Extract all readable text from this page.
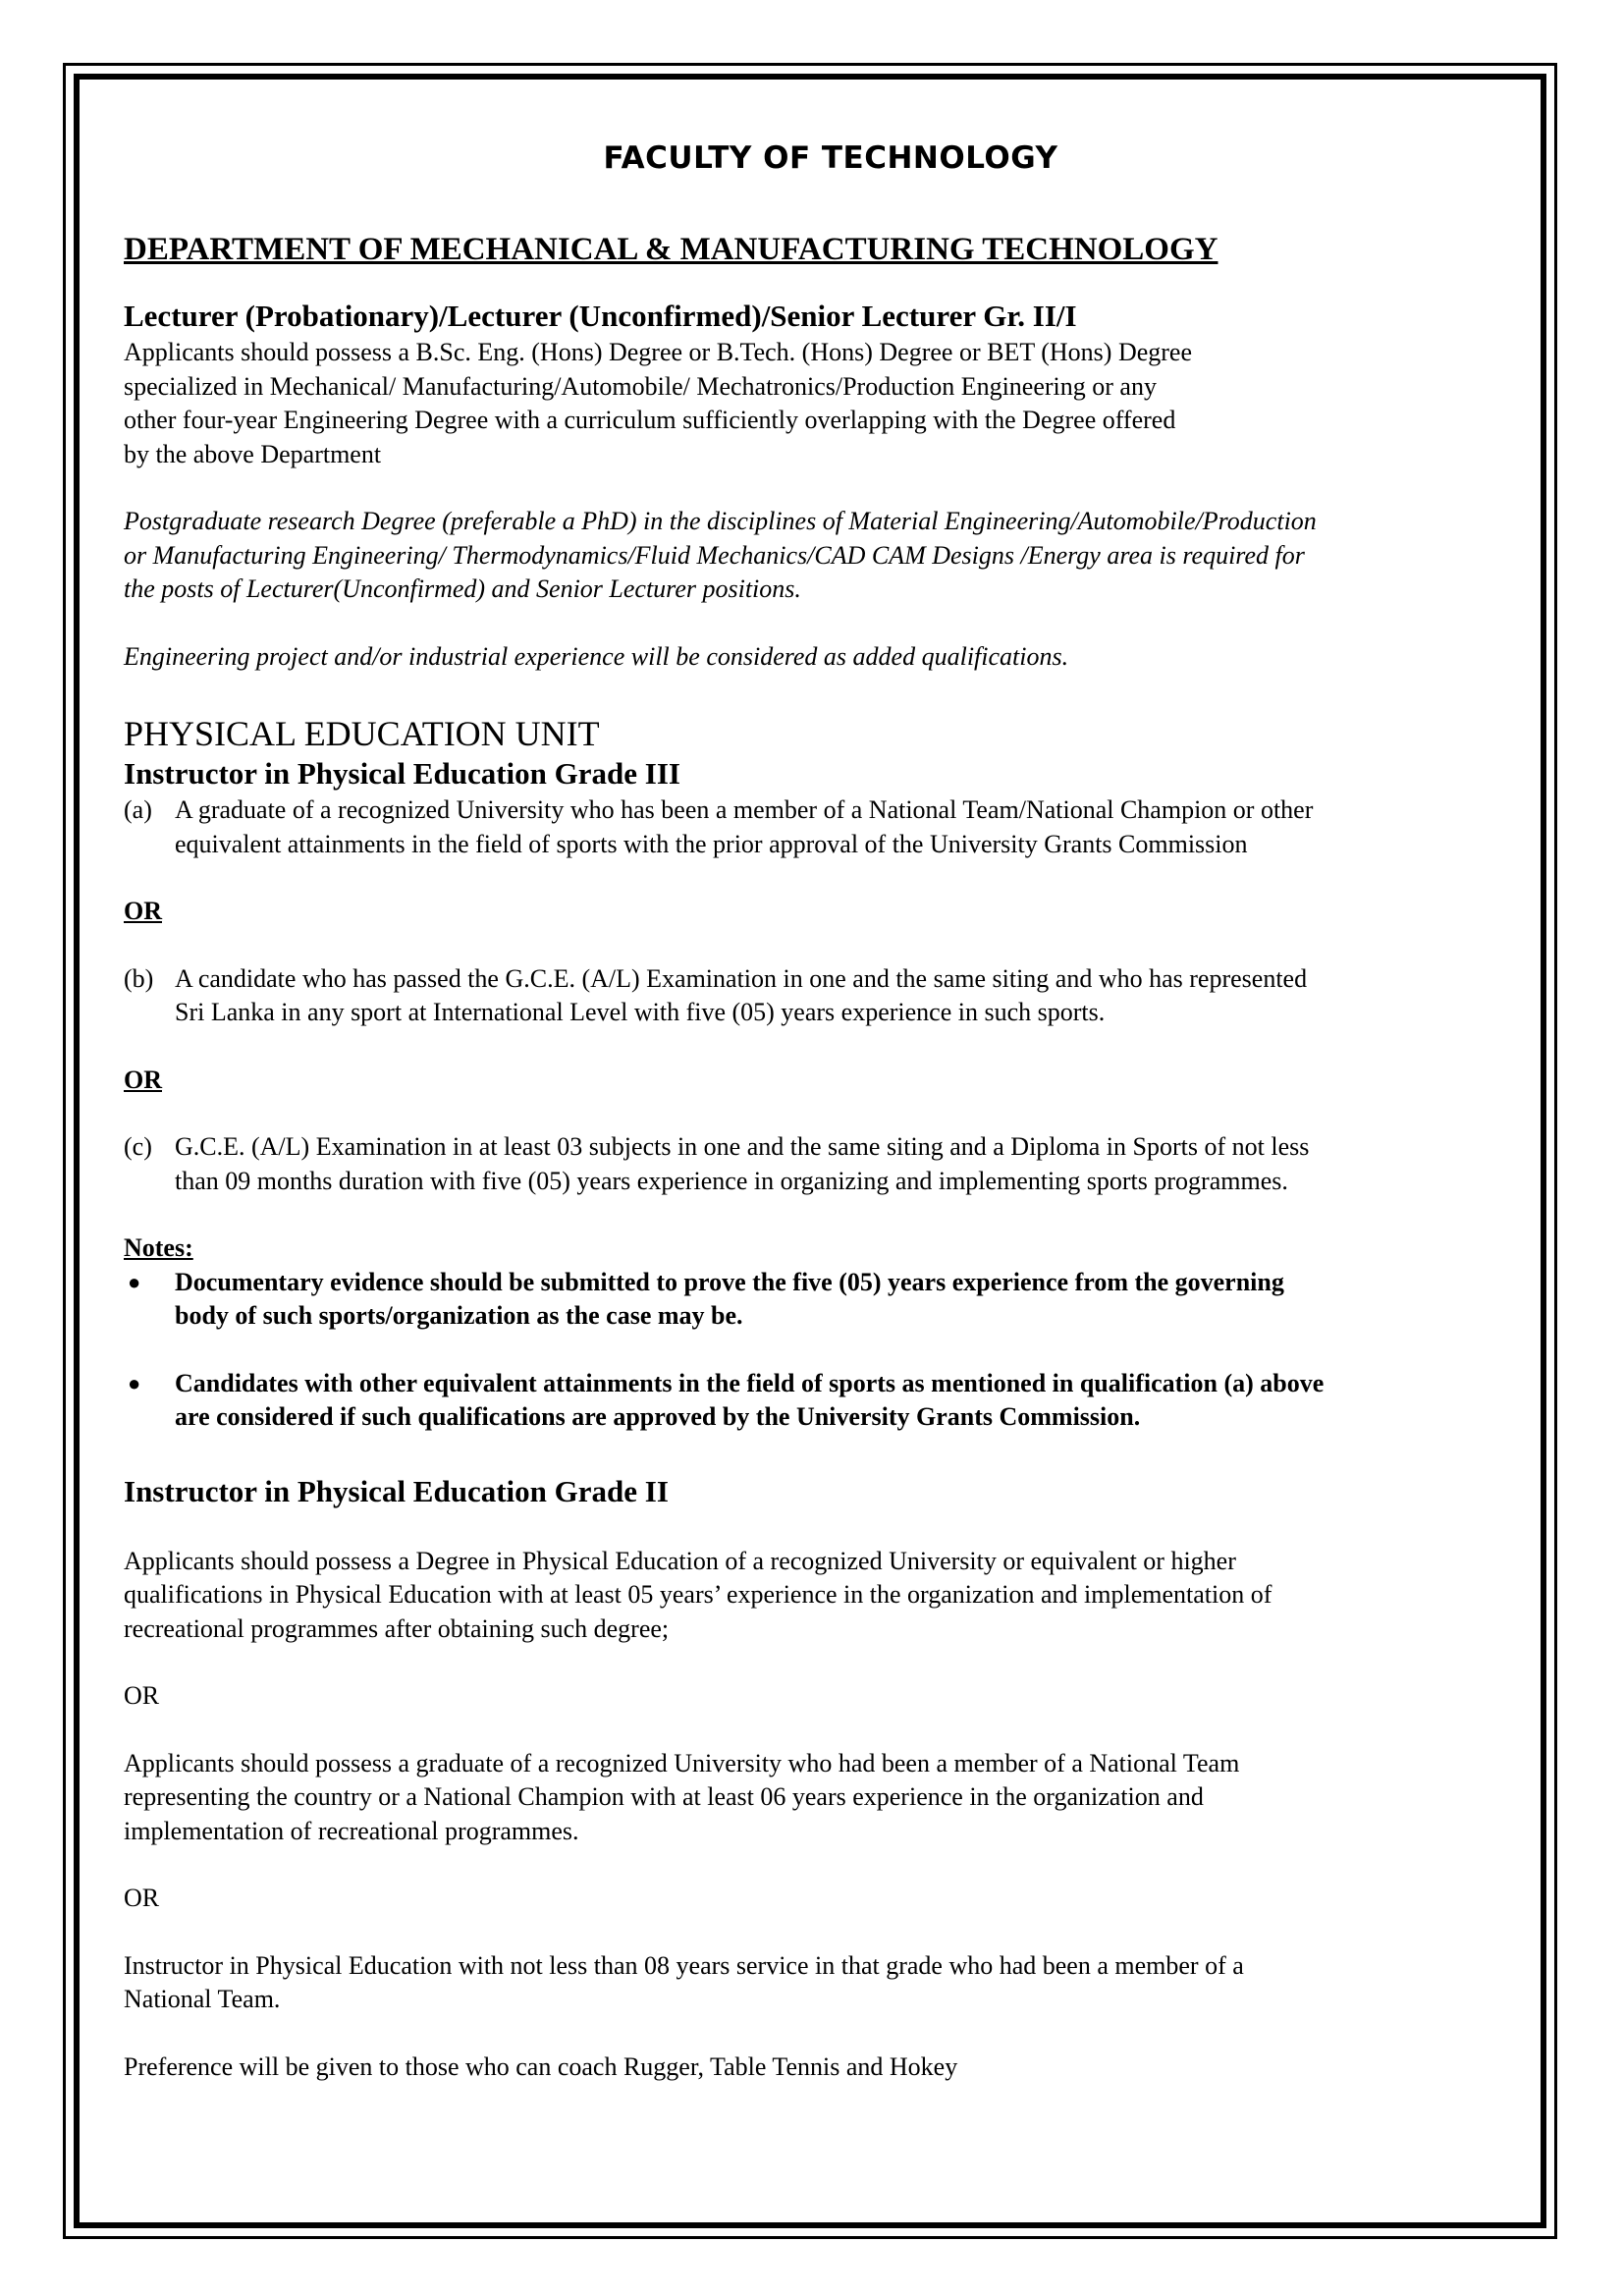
FACULTY OF TECHNOLOGY
DEPARTMENT OF MECHANICAL & MANUFACTURING TECHNOLOGY
Lecturer (Probationary)/Lecturer (Unconfirmed)/Senior Lecturer Gr. II/I
Applicants should possess a B.Sc. Eng. (Hons) Degree or B.Tech. (Hons) Degree or BET (Hons) Degree
specialized in Mechanical/ Manufacturing/Automobile/ Mechatronics/Production Engineering or any
other four-year Engineering Degree with a curriculum sufficiently overlapping with the Degree offered
by the above Department
Postgraduate research Degree (preferable a PhD) in the disciplines of Material Engineering/Automobile/Production
or Manufacturing Engineering/ Thermodynamics/Fluid Mechanics/CAD CAM Designs /Energy area is required for
the posts of Lecturer(Unconfirmed) and Senior Lecturer positions.
Engineering project and/or industrial experience will be considered as added qualifications.
PHYSICAL EDUCATION UNIT
Instructor in Physical Education Grade III
(a) A graduate of a recognized University who has been a member of a National Team/National Champion or other
equivalent attainments in the field of sports with the prior approval of the University Grants Commission
OR
(b) A candidate who has passed the G.C.E. (A/L) Examination in one and the same siting and who has represented
Sri Lanka in any sport at International Level with five (05) years experience in such sports.
OR
(c) G.C.E. (A/L) Examination in at least 03 subjects in one and the same siting and a Diploma in Sports of not less
than 09 months duration with five (05) years experience in organizing and implementing sports programmes.
Notes:
●	Documentary evidence should be submitted to prove the five (05) years experience from the governing
body of such sports/organization as the case may be.
●	Candidates with other equivalent attainments in the field of sports as mentioned in qualification (a) above
are considered if such qualifications are approved by the University Grants Commission.
Instructor in Physical Education Grade II
Applicants should possess a Degree in Physical Education of a recognized University or equivalent or higher
qualifications in Physical Education with at least 05 years’ experience in the organization and implementation of
recreational programmes after obtaining such degree;
OR
Applicants should possess a graduate of a recognized University who had been a member of a National Team
representing the country or a National Champion with at least 06 years experience in the organization and
implementation of recreational programmes.
OR
Instructor in Physical Education with not less than 08 years service in that grade who had been a member of a
National Team.
Preference will be given to those who can coach Rugger, Table Tennis and Hokey
